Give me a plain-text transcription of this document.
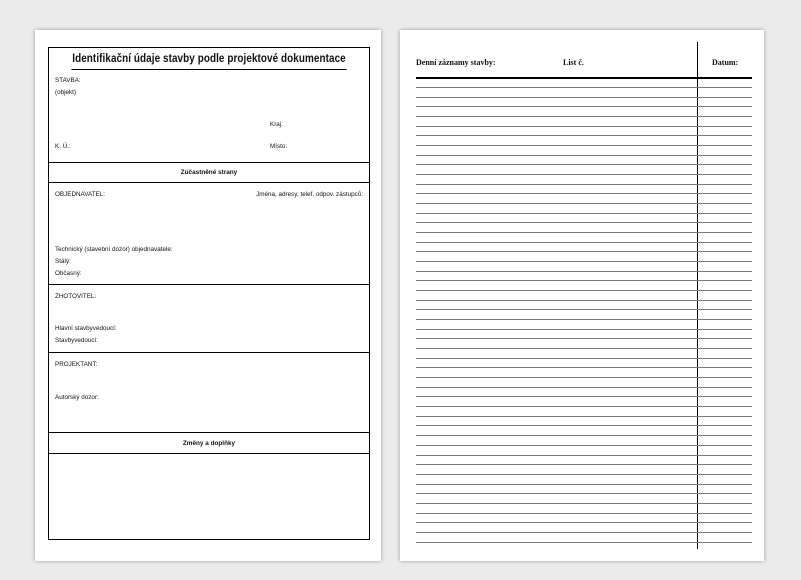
Identifikační údaje stavby podle projektové dokumentace
STAVBA:
(objekt)
Kraj:
K. Ú.:	Místo:
Zúčastněné strany
OBJEDNAVATEL:	Jména, adresy, telef. odpov. zástupců:
Technický (stavební dozor) objednavatele:
Stálý:
Občasný:
ZHOTOVITEL:
Hlavní stavbyvedoucí:
Stavbyvedoucí:
PROJEKTANT:
Autorský dozor:
Změny a doplňky
Denní záznamy stavby:	List č.	Datum:
